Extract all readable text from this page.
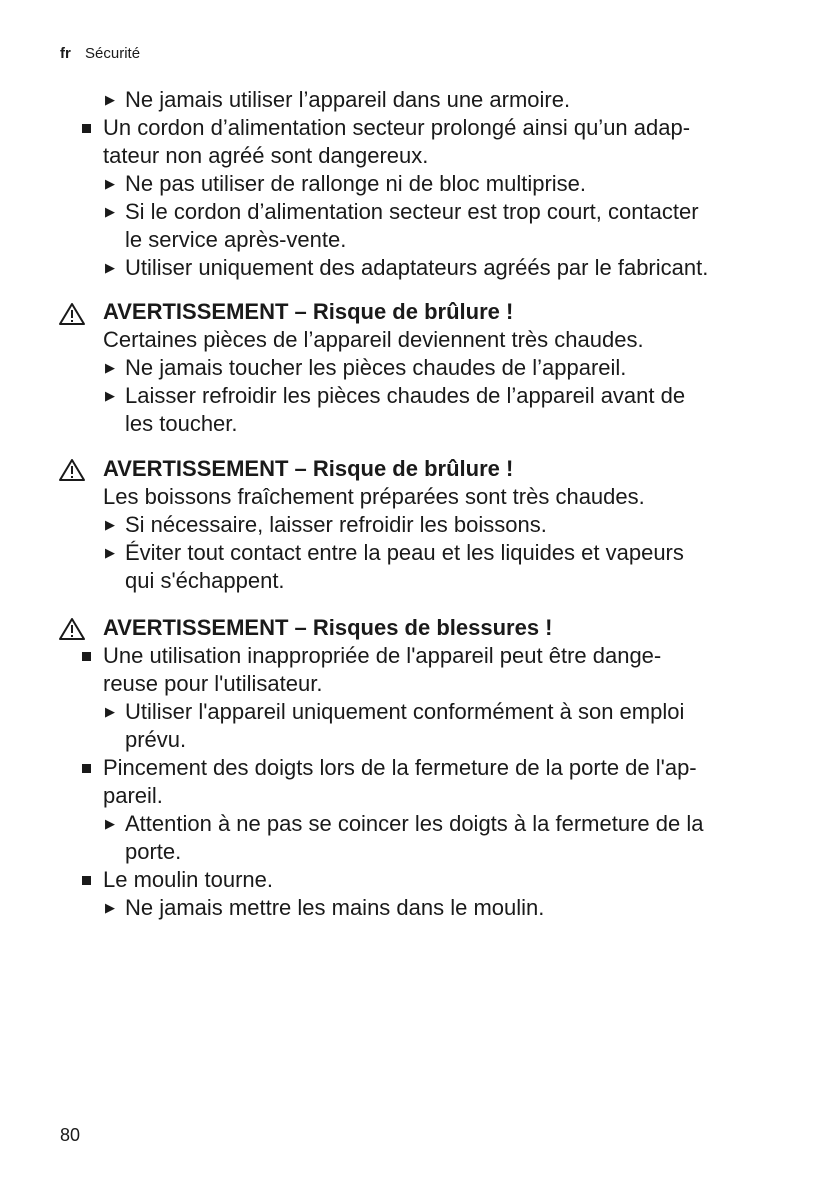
fr Sécurité
▶ Ne jamais utiliser l’appareil dans une armoire.
Un cordon d’alimentation secteur prolongé ainsi qu’un adap-
tateur non agréé sont dangereux.
▶ Ne pas utiliser de rallonge ni de bloc multiprise.
▶ Si le cordon d’alimentation secteur est trop court, contacter
le service après-vente.
▶ Utiliser uniquement des adaptateurs agréés par le fabricant.
AVERTISSEMENT – Risque de brûlure !
Certaines pièces de l’appareil deviennent très chaudes.
▶ Ne jamais toucher les pièces chaudes de l’appareil.
▶ Laisser refroidir les pièces chaudes de l’appareil avant de
les toucher.
AVERTISSEMENT – Risque de brûlure !
Les boissons fraîchement préparées sont très chaudes.
▶ Si nécessaire, laisser refroidir les boissons.
▶ Éviter tout contact entre la peau et les liquides et vapeurs
qui s'échappent.
AVERTISSEMENT – Risques de blessures !
Une utilisation inappropriée de l'appareil peut être dange-
reuse pour l'utilisateur.
▶ Utiliser l'appareil uniquement conformément à son emploi
prévu.
Pincement des doigts lors de la fermeture de la porte de l'ap-
pareil.
▶ Attention à ne pas se coincer les doigts à la fermeture de la
porte.
Le moulin tourne.
▶ Ne jamais mettre les mains dans le moulin.
80
